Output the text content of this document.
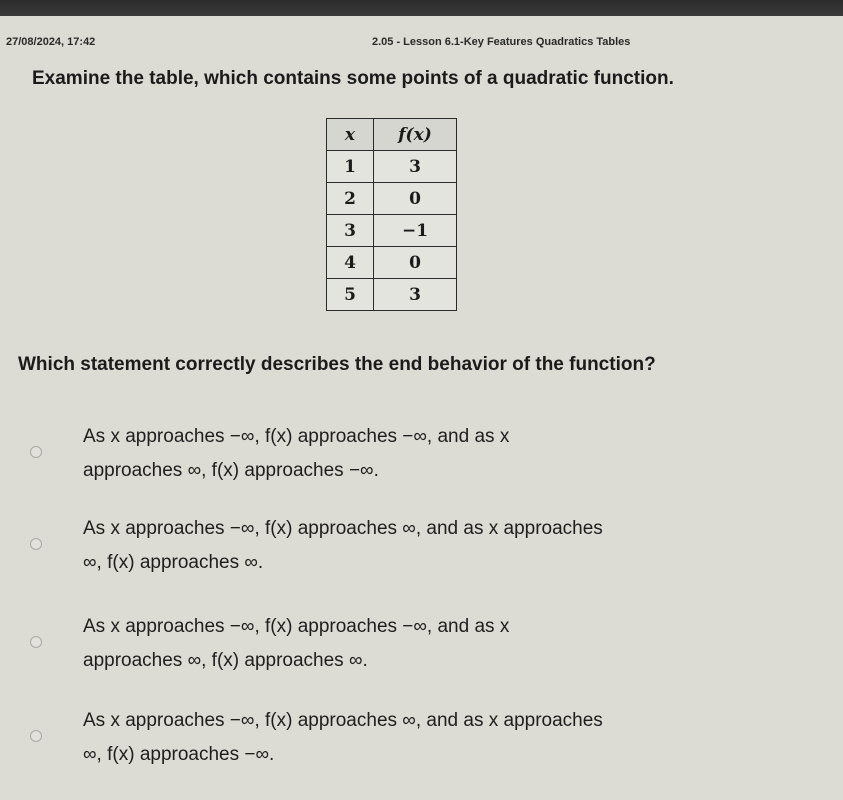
27/08/2024, 17:42	2.05 - Lesson 6.1-Key Features Quadratics Tables
Examine the table, which contains some points of a quadratic function.
x	f(x)
1	3
2	0
3	−1
4	0
5	3
Which statement correctly describes the end behavior of the function?
As x approaches −∞, f(x) approaches −∞, and as x
approaches ∞, f(x) approaches −∞.
As x approaches −∞, f(x) approaches ∞, and as x approaches
∞, f(x) approaches ∞.
As x approaches −∞, f(x) approaches −∞, and as x
approaches ∞, f(x) approaches ∞.
As x approaches −∞, f(x) approaches ∞, and as x approaches
∞, f(x) approaches −∞.
